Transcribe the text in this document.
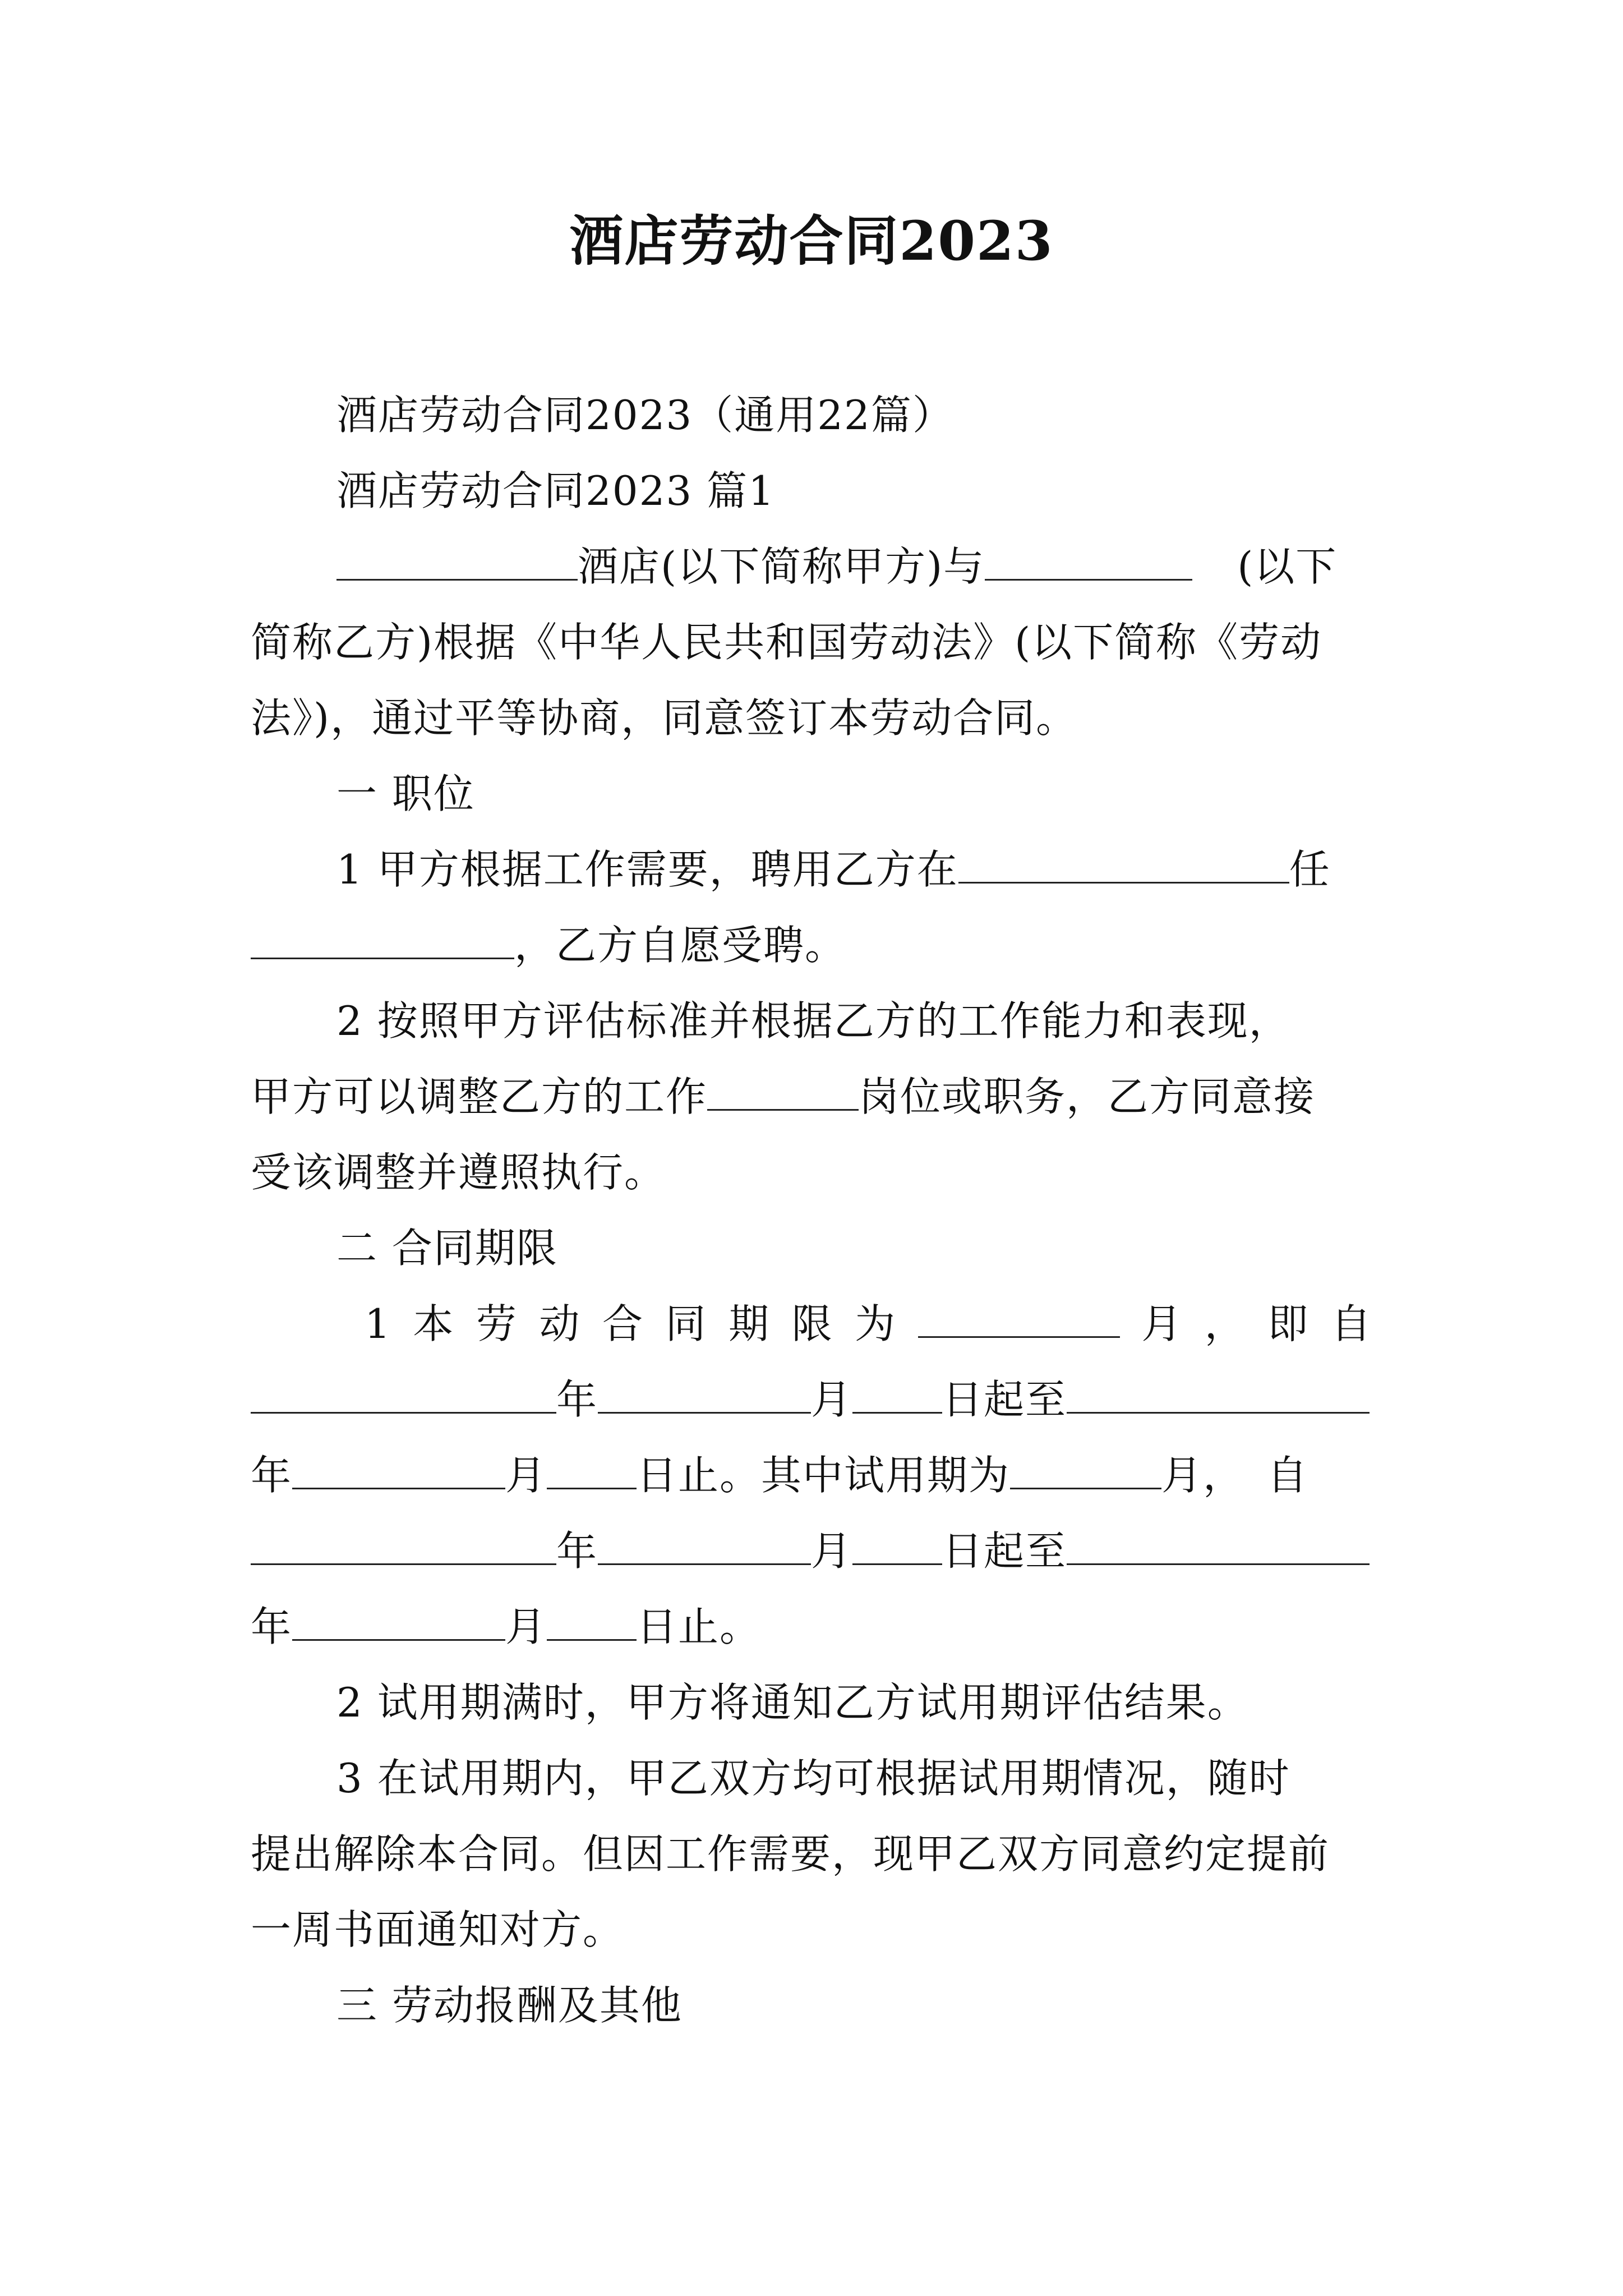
酒店劳动合同2023
酒店劳动合同2023（通用22篇）
酒店劳动合同2023 篇1
酒店(以下简称甲方)与	(以下
简称乙方)根据《中华人民共和国劳动法》(以下简称《劳动
法》)，通过平等协商，同意签订本劳动合同。
一 职位
1 甲方根据工作需要，聘用乙方在	任
，乙方自愿受聘。
2 按照甲方评估标准并根据乙方的工作能力和表现，
甲方可以调整乙方的工作	岗位或职务，乙方同意接
受该调整并遵照执行。
二 合同期限
1 本 劳 动 合 同 期 限 为	月 ， 即 自
年	月 日起至
年	月 日止。其中试用期为	月， 自
年	月 日起至
年	月 日止。
2 试用期满时，甲方将通知乙方试用期评估结果。
3 在试用期内，甲乙双方均可根据试用期情况，随时
提出解除本合同。但因工作需要，现甲乙双方同意约定提前
一周书面通知对方。
三 劳动报酬及其他
